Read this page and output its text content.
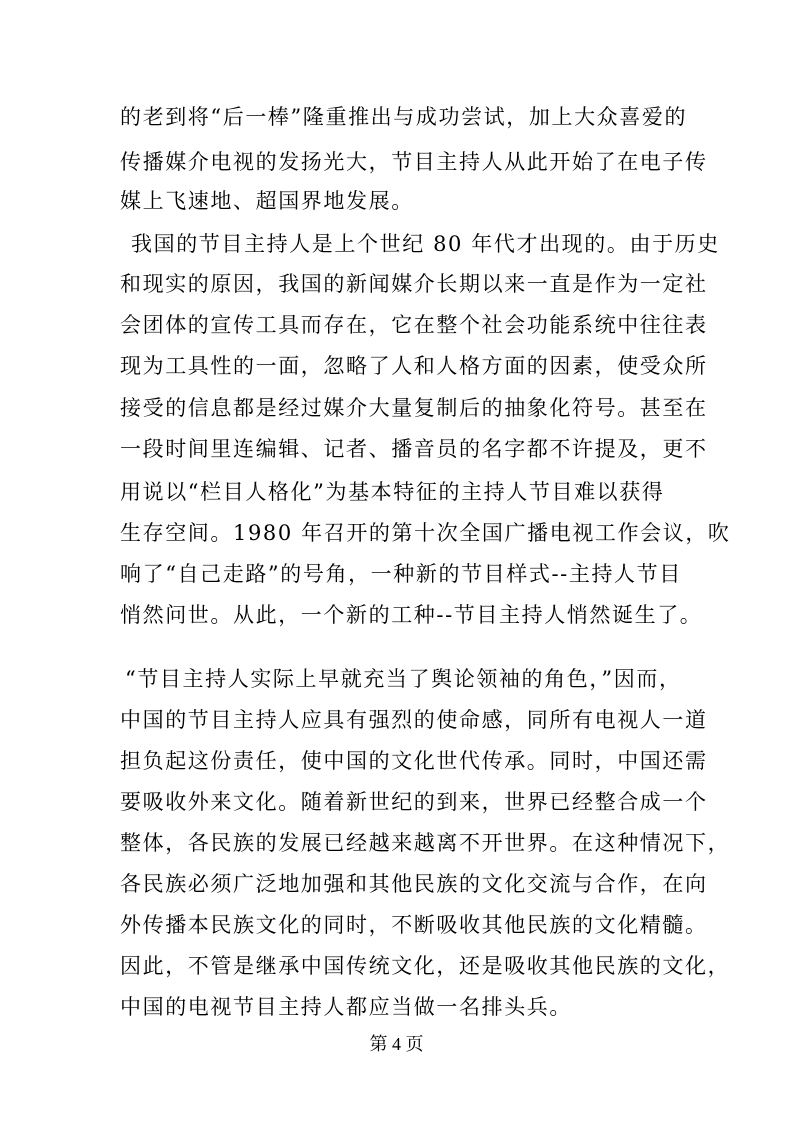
的老到将“后一棒”隆重推出与成功尝试，加上大众喜爱的
传播媒介电视的发扬光大，节目主持人从此开始了在电子传
媒上飞速地、超国界地发展。
我国的节目主持人是上个世纪 80 年代才出现的。由于历史
和现实的原因，我国的新闻媒介长期以来一直是作为一定社
会团体的宣传工具而存在，它在整个社会功能系统中往往表
现为工具性的一面，忽略了人和人格方面的因素，使受众所
接受的信息都是经过媒介大量复制后的抽象化符号。甚至在
一段时间里连编辑、记者、播音员的名字都不许提及，更不
用说以“栏目人格化”为基本特征的主持人节目难以获得
生存空间。1980 年召开的第十次全国广播电视工作会议，吹
响了“自己走路”的号角，一种新的节目样式--主持人节目
悄然问世。从此，一个新的工种--节目主持人悄然诞生了。
“节目主持人实际上早就充当了舆论领袖的角色，”因而，
中国的节目主持人应具有强烈的使命感，同所有电视人一道
担负起这份责任，使中国的文化世代传承。同时，中国还需
要吸收外来文化。随着新世纪的到来，世界已经整合成一个
整体，各民族的发展已经越来越离不开世界。在这种情况下，
各民族必须广泛地加强和其他民族的文化交流与合作，在向
外传播本民族文化的同时，不断吸收其他民族的文化精髓。
因此，不管是继承中国传统文化，还是吸收其他民族的文化，
中国的电视节目主持人都应当做一名排头兵。
第 4 页
